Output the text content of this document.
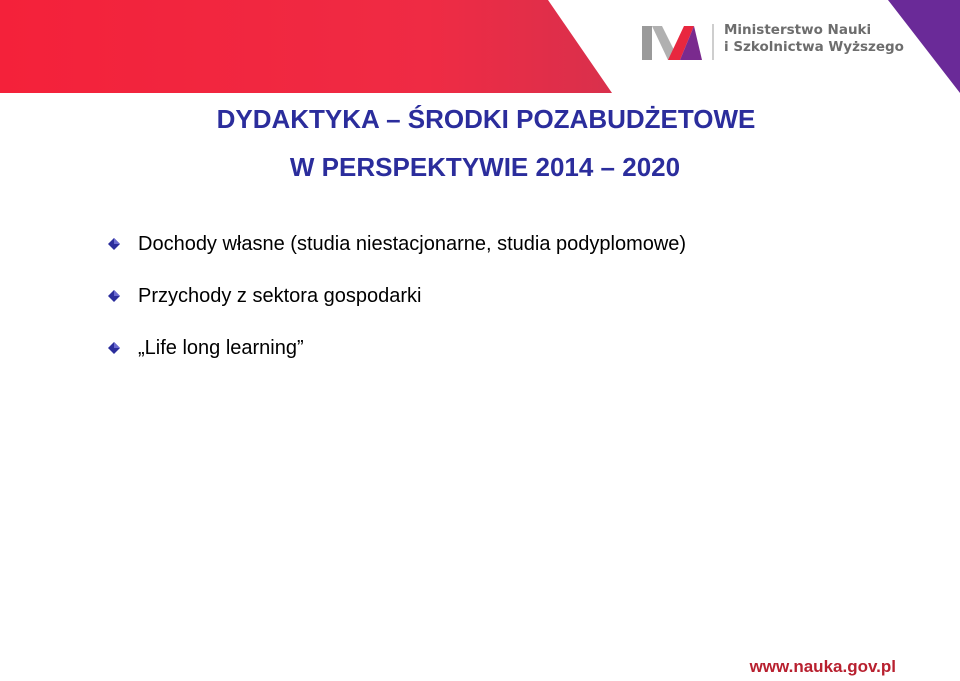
Ministerstwo Nauki
i Szkolnictwa Wyższego
DYDAKTYKA – ŚRODKI POZABUDŻETOWE
W PERSPEKTYWIE 2014 – 2020
Dochody własne (studia niestacjonarne, studia podyplomowe)
Przychody z sektora gospodarki
„Life long learning”
www.nauka.gov.pl
